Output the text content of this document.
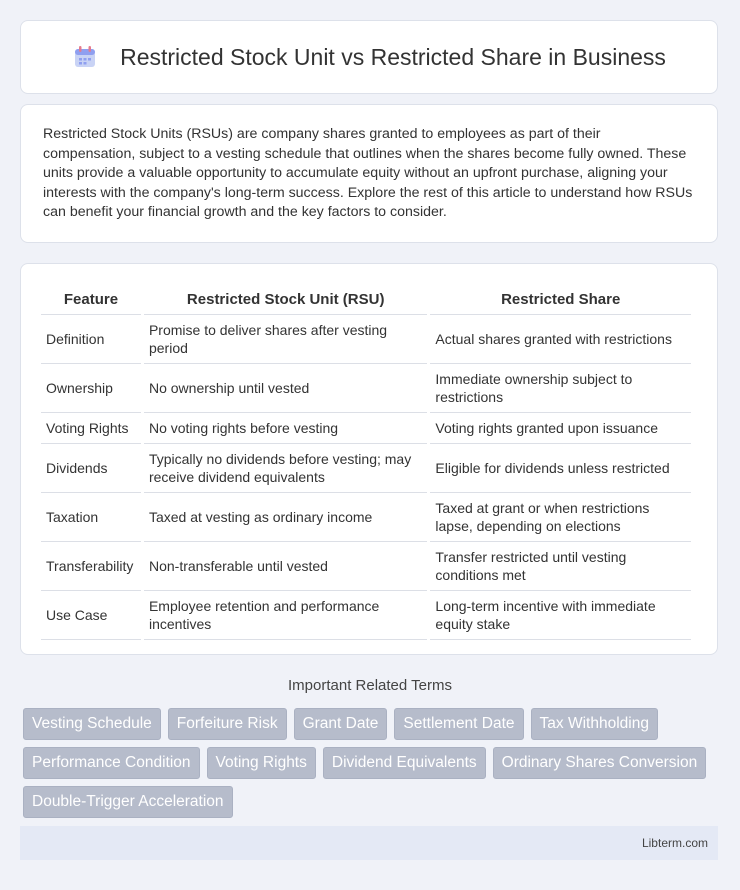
Restricted Stock Unit vs Restricted Share in Business

Restricted Stock Units (RSUs) are company shares granted to employees as part of their compensation, subject to a vesting schedule that outlines when the shares become fully owned. These units provide a valuable opportunity to accumulate equity without an upfront purchase, aligning your interests with the company's long-term success. Explore the rest of this article to understand how RSUs can benefit your financial growth and the key factors to consider.

Feature	Restricted Stock Unit (RSU)	Restricted Share
Definition	Promise to deliver shares after vesting period	Actual shares granted with restrictions
Ownership	No ownership until vested	Immediate ownership subject to restrictions
Voting Rights	No voting rights before vesting	Voting rights granted upon issuance
Dividends	Typically no dividends before vesting; may receive dividend equivalents	Eligible for dividends unless restricted
Taxation	Taxed at vesting as ordinary income	Taxed at grant or when restrictions lapse, depending on elections
Transferability	Non-transferable until vested	Transfer restricted until vesting conditions met
Use Case	Employee retention and performance incentives	Long-term incentive with immediate equity stake
Important Related Terms
Vesting Schedule	Forfeiture Risk	Grant Date	Settlement Date	Tax Withholding
Performance Condition	Voting Rights	Dividend Equivalents	Ordinary Shares Conversion
Double-Trigger Acceleration
Libterm.com
